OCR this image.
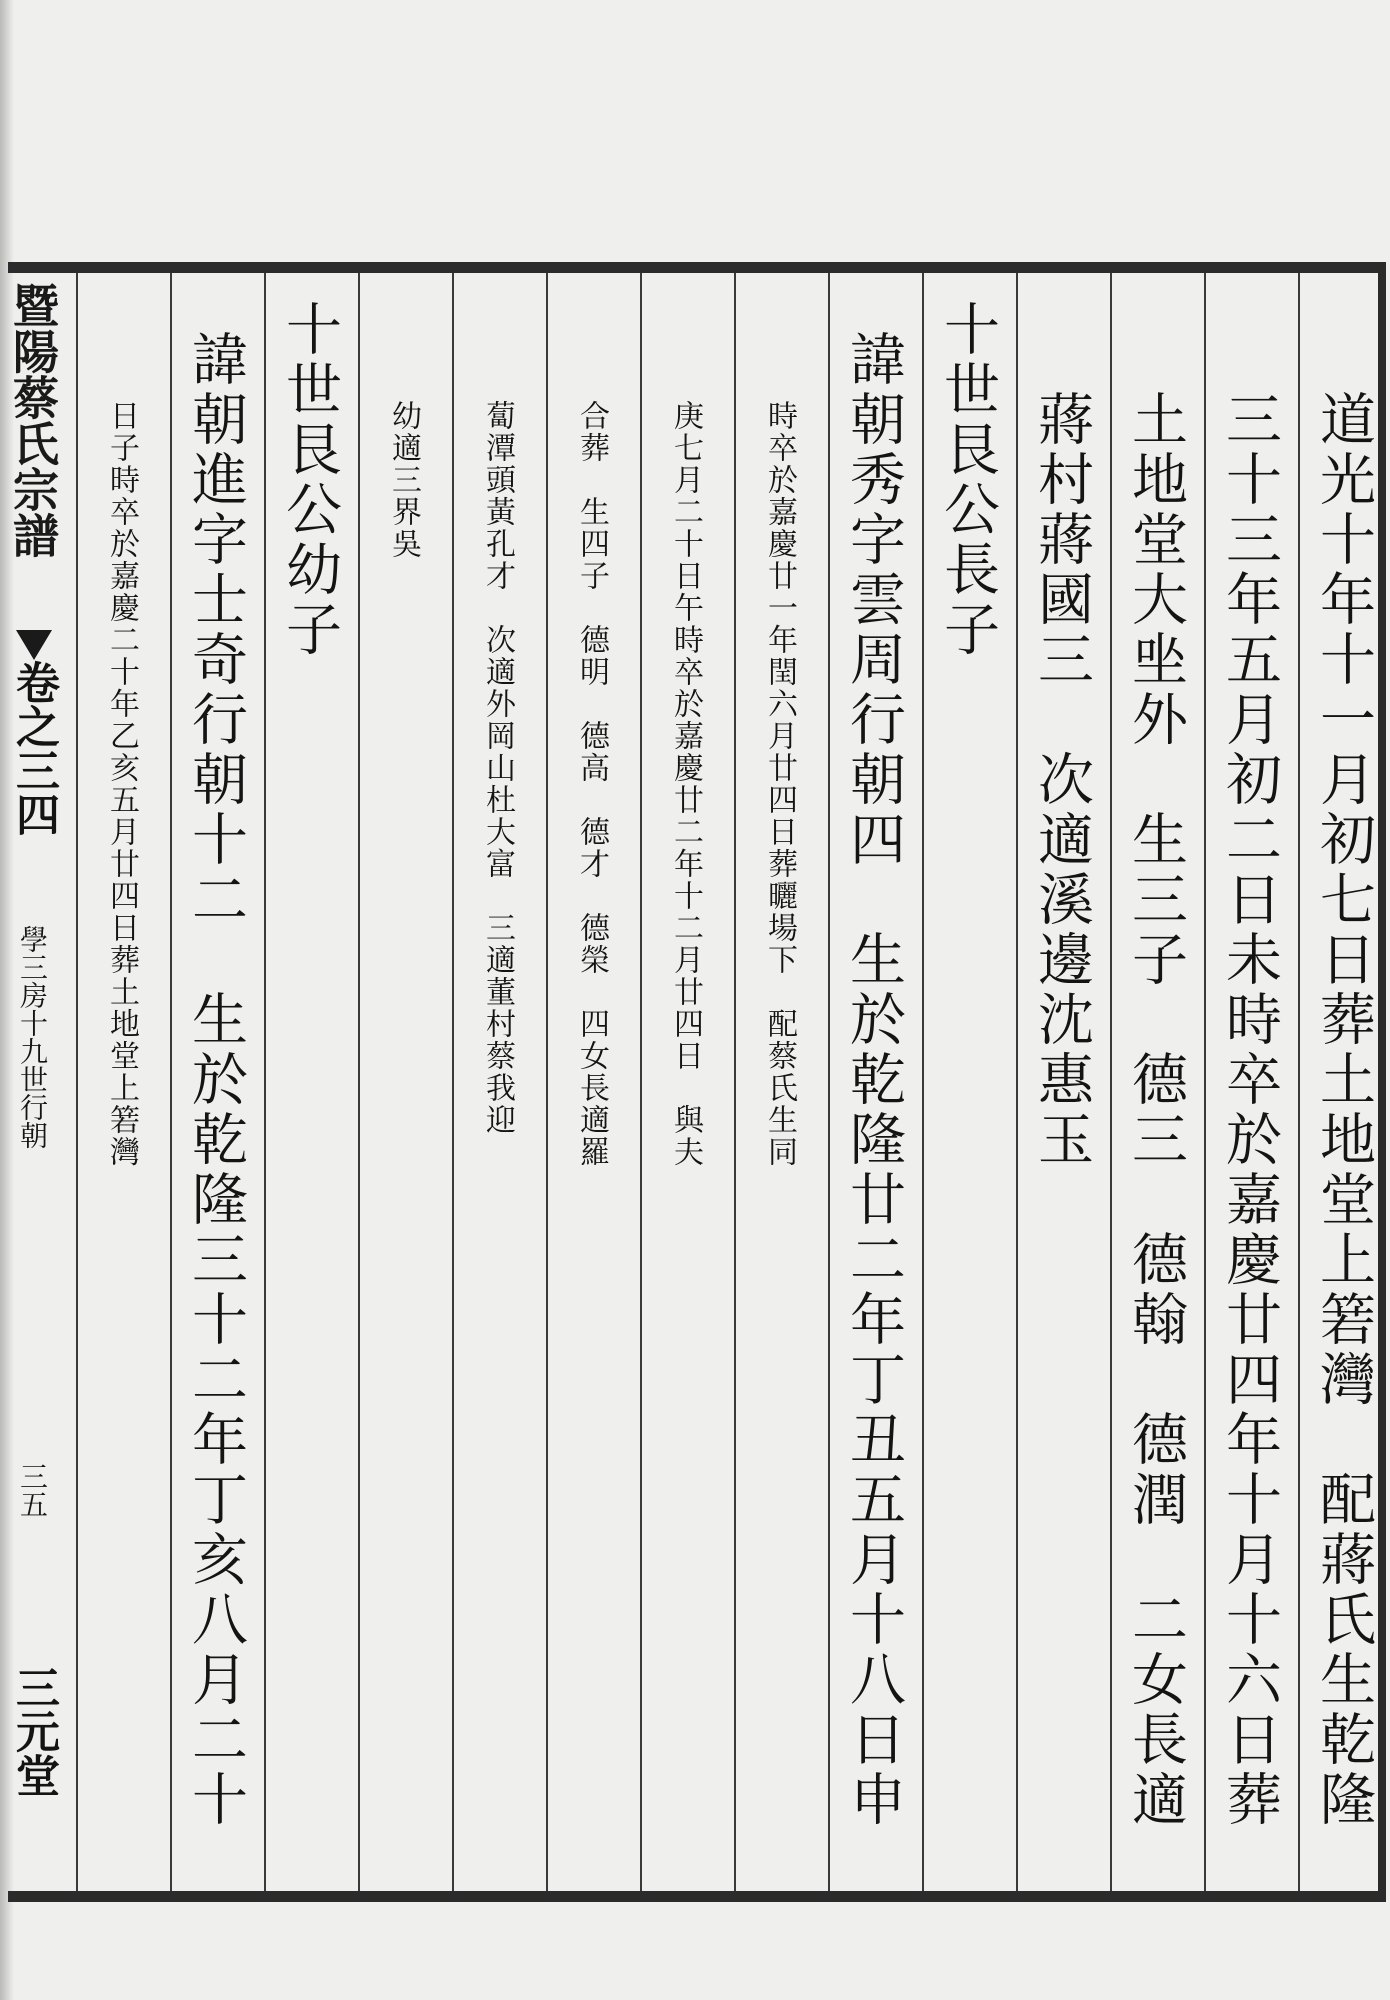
暨陽蔡氏宗譜
卷之三四
學三房十九世行朝
三五
三元堂	道光十年十一月初七日葬土地堂上箬灣　配蔣氏生乾隆
三十三年五月初二日未時卒於嘉慶廿四年十月十六日葬
土地堂大㘴外　生三子　德三　德翰　德潤　二女長適
蔣村蔣國三　次適溪邊沈惠玉
十世艮公長子
諱朝秀字雲周行朝四　生於乾隆廿二年丁丑五月十八日申
時卒於嘉慶廿一年閏六月廿四日葬曬場下　配蔡氏生同
庚七月二十日午時卒於嘉慶廿二年十二月廿四日　與夫
合葬　生四子　德明　德高　德才　德榮　四女長適羅
蔔潭頭黃孔才　次適外岡山杜大富　三適董村蔡我迎
幼適三界吳
十世艮公幼子
諱朝進字士奇行朝十二　生於乾隆三十二年丁亥八月二十
日子時卒於嘉慶二十年乙亥五月廿四日葬土地堂上箬灣
